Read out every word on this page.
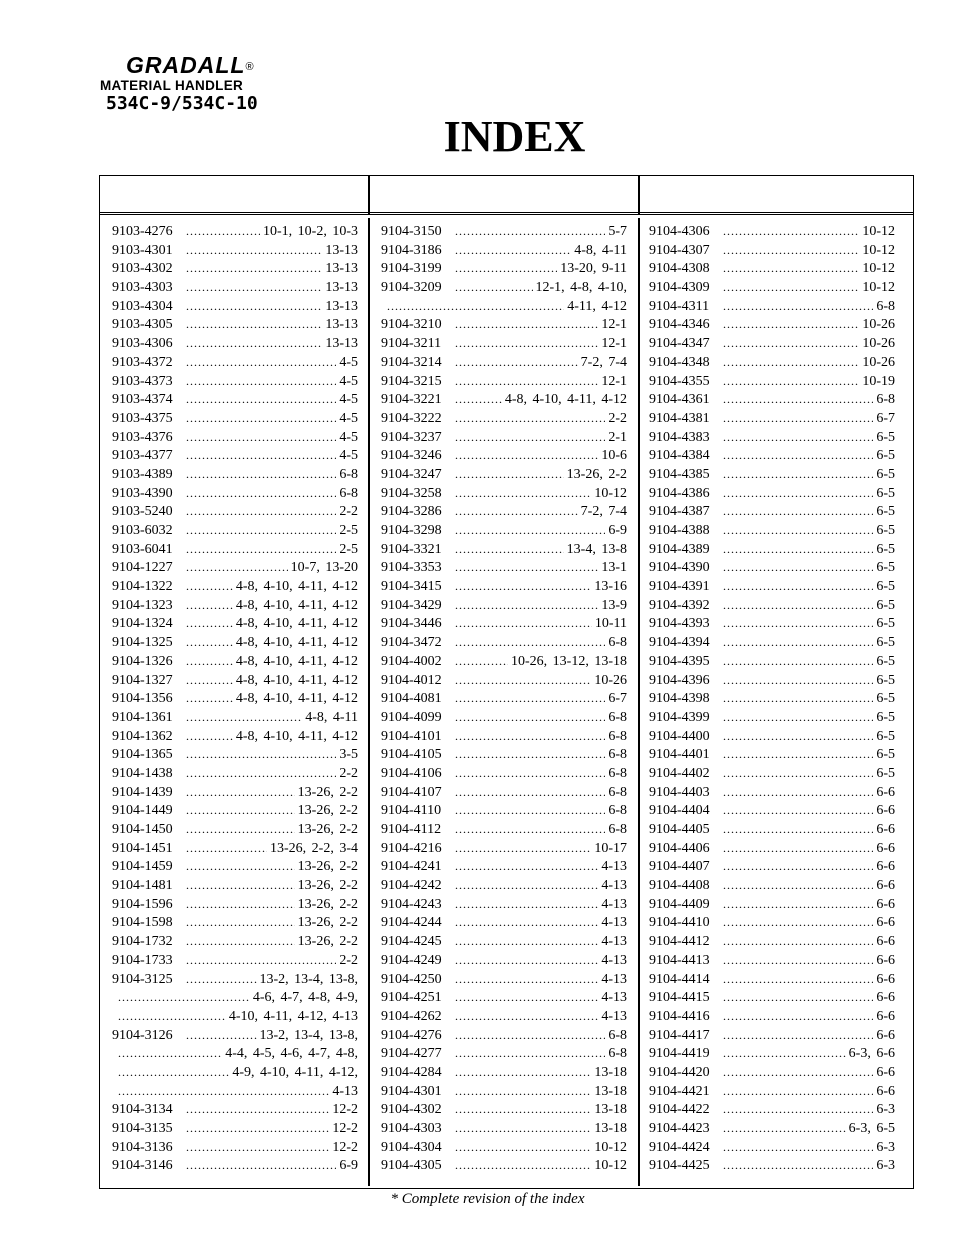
GRADALL®
MATERIAL HANDLER
534C-9/534C-10
INDEX
9103-4276 .....	10-1, 10-2, 10-3
9103-4301 .....	13-13
9103-4302 .....	13-13
9103-4303 .....	13-13
9103-4304 .....	13-13
9103-4305 .....	13-13
9103-4306 .....	13-13
9103-4372 .....	4-5
9103-4373 .....	4-5
9103-4374 .....	4-5
9103-4375 .....	4-5
9103-4376 .....	4-5
9103-4377 .....	4-5
9103-4389 .....	6-8
9103-4390 .....	6-8
9103-5240 .....	2-2
9103-6032 .....	2-5
9103-6041 .....	2-5
9104-1227 .....	10-7, 13-20
9104-1322 .....	4-8, 4-10, 4-11, 4-12
9104-1323 .....	4-8, 4-10, 4-11, 4-12
9104-1324 .....	4-8, 4-10, 4-11, 4-12
9104-1325 .....	4-8, 4-10, 4-11, 4-12
9104-1326 .....	4-8, 4-10, 4-11, 4-12
9104-1327 .....	4-8, 4-10, 4-11, 4-12
9104-1356 .....	4-8, 4-10, 4-11, 4-12
9104-1361 .....	4-8, 4-11
9104-1362 .....	4-8, 4-10, 4-11, 4-12
9104-1365 .....	3-5
9104-1438 .....	2-2
9104-1439 .....	13-26, 2-2
9104-1449 .....	13-26, 2-2
9104-1450 .....	13-26, 2-2
9104-1451 .....	13-26, 2-2, 3-4
9104-1459 .....	13-26, 2-2
9104-1481 .....	13-26, 2-2
9104-1596 .....	13-26, 2-2
9104-1598 .....	13-26, 2-2
9104-1732 .....	13-26, 2-2
9104-1733 .....	2-2
9104-3125 .....	13-2, 13-4, 13-8,
.....
4-6, 4-7, 4-8, 4-9,
.....
4-10, 4-11, 4-12, 4-13
9104-3126 .....	13-2, 13-4, 13-8,
.....
4-4, 4-5, 4-6, 4-7, 4-8,
.....
4-9, 4-10, 4-11, 4-12,
.....
4-13
9104-3134 .....	12-2
9104-3135 .....	12-2
9104-3136 .....	12-2
9104-3146 .....	6-9
9104-3150 .....	5-7
9104-3186 .....	4-8, 4-11
9104-3199 .....	13-20, 9-11
9104-3209 .....	12-1, 4-8, 4-10,
.....
4-11, 4-12
9104-3210 .....	12-1
9104-3211 .....	12-1
9104-3214 .....	7-2, 7-4
9104-3215 .....	12-1
9104-3221 .....	4-8, 4-10, 4-11, 4-12
9104-3222 .....	2-2
9104-3237 .....	2-1
9104-3246 .....	10-6
9104-3247 .....	13-26, 2-2
9104-3258 .....	10-12
9104-3286 .....	7-2, 7-4
9104-3298 .....	6-9
9104-3321 .....	13-4, 13-8
9104-3353 .....	13-1
9104-3415 .....	13-16
9104-3429 .....	13-9
9104-3446 .....	10-11
9104-3472 .....	6-8
9104-4002 .....	10-26, 13-12, 13-18
9104-4012 .....	10-26
9104-4081 .....	6-7
9104-4099 .....	6-8
9104-4101 .....	6-8
9104-4105 .....	6-8
9104-4106 .....	6-8
9104-4107 .....	6-8
9104-4110 .....	6-8
9104-4112 .....	6-8
9104-4216 .....	10-17
9104-4241 .....	4-13
9104-4242 .....	4-13
9104-4243 .....	4-13
9104-4244 .....	4-13
9104-4245 .....	4-13
9104-4249 .....	4-13
9104-4250 .....	4-13
9104-4251 .....	4-13
9104-4262 .....	4-13
9104-4276 .....	6-8
9104-4277 .....	6-8
9104-4284 .....	13-18
9104-4301 .....	13-18
9104-4302 .....	13-18
9104-4303 .....	13-18
9104-4304 .....	10-12
9104-4305 .....	10-12
9104-4306 .....	10-12
9104-4307 .....	10-12
9104-4308 .....	10-12
9104-4309 .....	10-12
9104-4311 .....	6-8
9104-4346 .....	10-26
9104-4347 .....	10-26
9104-4348 .....	10-26
9104-4355 .....	10-19
9104-4361 .....	6-8
9104-4381 .....	6-7
9104-4383 .....	6-5
9104-4384 .....	6-5
9104-4385 .....	6-5
9104-4386 .....	6-5
9104-4387 .....	6-5
9104-4388 .....	6-5
9104-4389 .....	6-5
9104-4390 .....	6-5
9104-4391 .....	6-5
9104-4392 .....	6-5
9104-4393 .....	6-5
9104-4394 .....	6-5
9104-4395 .....	6-5
9104-4396 .....	6-5
9104-4398 .....	6-5
9104-4399 .....	6-5
9104-4400 .....	6-5
9104-4401 .....	6-5
9104-4402 .....	6-5
9104-4403 .....	6-6
9104-4404 .....	6-6
9104-4405 .....	6-6
9104-4406 .....	6-6
9104-4407 .....	6-6
9104-4408 .....	6-6
9104-4409 .....	6-6
9104-4410 .....	6-6
9104-4412 .....	6-6
9104-4413 .....	6-6
9104-4414 .....	6-6
9104-4415 .....	6-6
9104-4416 .....	6-6
9104-4417 .....	6-6
9104-4419 .....	6-3, 6-6
9104-4420 .....	6-6
9104-4421 .....	6-6
9104-4422 .....	6-3
9104-4423 .....	6-3, 6-5
9104-4424 .....	6-3
9104-4425 .....	6-3
* Complete revision of the index
